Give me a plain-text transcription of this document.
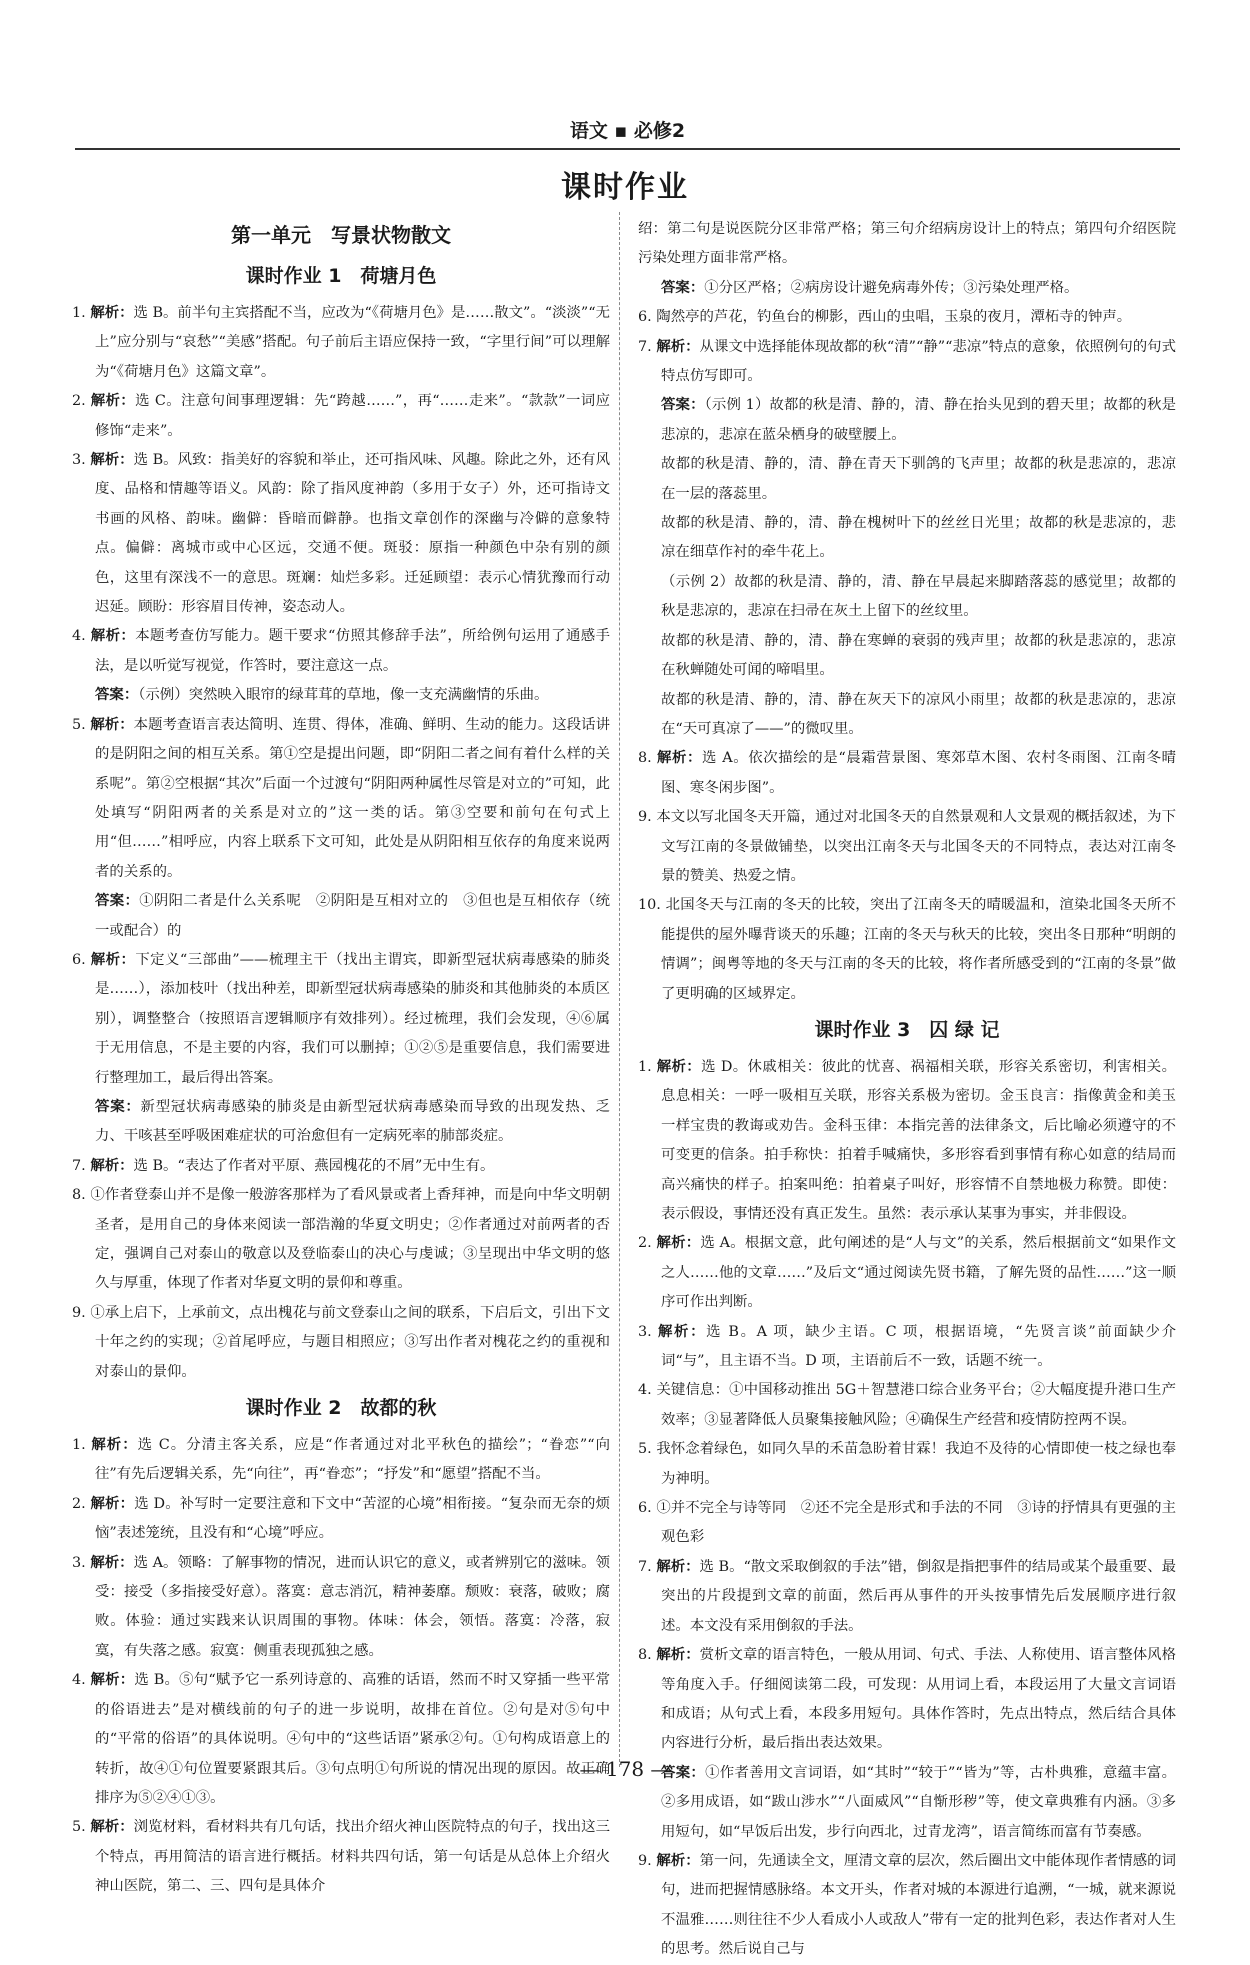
语文 ▪ 必修2
课时作业

第一单元　写景状物散文

课时作业 1　荷塘月色

1. 解析：选 B。前半句主宾搭配不当，应改为“《荷塘月色》是……散文”。“淡淡”“无上”应分别与“哀愁”“美感”搭配。句子前后主语应保持一致，“字里行间”可以理解为“《荷塘月色》这篇文章”。

2. 解析：选 C。注意句间事理逻辑：先“跨越……”，再“……走来”。“款款”一词应修饰“走来”。

3. 解析：选 B。风致：指美好的容貌和举止，还可指风味、风趣。除此之外，还有风度、品格和情趣等语义。风韵：除了指风度神韵（多用于女子）外，还可指诗文书画的风格、韵味。幽僻：昏暗而僻静。也指文章创作的深幽与冷僻的意象特点。偏僻：离城市或中心区远，交通不便。斑驳：原指一种颜色中杂有别的颜色，这里有深浅不一的意思。斑斓：灿烂多彩。迁延顾望：表示心情犹豫而行动迟延。顾盼：形容眉目传神，姿态动人。

4. 解析：本题考查仿写能力。题干要求“仿照其修辞手法”，所给例句运用了通感手法，是以听觉写视觉，作答时，要注意这一点。

答案：（示例）突然映入眼帘的绿茸茸的草地，像一支充满幽情的乐曲。

5. 解析：本题考查语言表达简明、连贯、得体，准确、鲜明、生动的能力。这段话讲的是阴阳之间的相互关系。第①空是提出问题，即“阴阳二者之间有着什么样的关系呢”。第②空根据“其次”后面一个过渡句“阴阳两种属性尽管是对立的”可知，此处填写“阴阳两者的关系是对立的”这一类的话。第③空要和前句在句式上用“但……”相呼应，内容上联系下文可知，此处是从阴阳相互依存的角度来说两者的关系的。

答案：①阴阳二者是什么关系呢　②阴阳是互相对立的　③但也是互相依存（统一或配合）的

6. 解析：下定义“三部曲”——梳理主干（找出主谓宾，即新型冠状病毒感染的肺炎是……），添加枝叶（找出种差，即新型冠状病毒感染的肺炎和其他肺炎的本质区别），调整整合（按照语言逻辑顺序有效排列）。经过梳理，我们会发现，④⑥属于无用信息，不是主要的内容，我们可以删掉；①②⑤是重要信息，我们需要进行整理加工，最后得出答案。

答案：新型冠状病毒感染的肺炎是由新型冠状病毒感染而导致的出现发热、乏力、干咳甚至呼吸困难症状的可治愈但有一定病死率的肺部炎症。

7. 解析：选 B。“表达了作者对平原、燕园槐花的不屑”无中生有。

8. ①作者登泰山并不是像一般游客那样为了看风景或者上香拜神，而是向中华文明朝圣者，是用自己的身体来阅读一部浩瀚的华夏文明史；②作者通过对前两者的否定，强调自己对泰山的敬意以及登临泰山的决心与虔诚；③呈现出中华文明的悠久与厚重，体现了作者对华夏文明的景仰和尊重。

9. ①承上启下，上承前文，点出槐花与前文登泰山之间的联系，下启后文，引出下文十年之约的实现；②首尾呼应，与题目相照应；③写出作者对槐花之约的重视和对泰山的景仰。

课时作业 2　故都的秋

1. 解析：选 C。分清主客关系，应是“作者通过对北平秋色的描绘”；“眷恋”“向往”有先后逻辑关系，先“向往”，再“眷恋”；“抒发”和“愿望”搭配不当。

2. 解析：选 D。补写时一定要注意和下文中“苦涩的心境”相衔接。“复杂而无奈的烦恼”表述笼统，且没有和“心境”呼应。

3. 解析：选 A。领略：了解事物的情况，进而认识它的意义，或者辨别它的滋味。领受：接受（多指接受好意）。落寞：意志消沉，精神萎靡。颓败：衰落，破败；腐败。体验：通过实践来认识周围的事物。体味：体会，领悟。落寞：冷落，寂寞，有失落之感。寂寞：侧重表现孤独之感。

4. 解析：选 B。⑤句“赋予它一系列诗意的、高雅的话语，然而不时又穿插一些平常的俗语进去”是对横线前的句子的进一步说明，故排在首位。②句是对⑤句中的“平常的俗语”的具体说明。④句中的“这些话语”紧承②句。①句构成语意上的转折，故④①句位置要紧跟其后。③句点明①句所说的情况出现的原因。故正确排序为⑤②④①③。

5. 解析：浏览材料，看材料共有几句话，找出介绍火神山医院特点的句子，找出这三个特点，再用简洁的语言进行概括。材料共四句话，第一句话是从总体上介绍火神山医院，第二、三、四句是具体介

绍：第二句是说医院分区非常严格；第三句介绍病房设计上的特点；第四句介绍医院污染处理方面非常严格。

答案：①分区严格；②病房设计避免病毒外传；③污染处理严格。

6. 陶然亭的芦花，钓鱼台的柳影，西山的虫唱，玉泉的夜月，潭柘寺的钟声。

7. 解析：从课文中选择能体现故都的秋“清”“静”“悲凉”特点的意象，依照例句的句式特点仿写即可。

答案：（示例 1）故都的秋是清、静的，清、静在抬头见到的碧天里；故都的秋是悲凉的，悲凉在蓝朵栖身的破壁腰上。

故都的秋是清、静的，清、静在青天下驯鸽的飞声里；故都的秋是悲凉的，悲凉在一层的落蕊里。

故都的秋是清、静的，清、静在槐树叶下的丝丝日光里；故都的秋是悲凉的，悲凉在细草作衬的牵牛花上。

（示例 2）故都的秋是清、静的，清、静在早晨起来脚踏落蕊的感觉里；故都的秋是悲凉的，悲凉在扫帚在灰土上留下的丝纹里。

故都的秋是清、静的，清、静在寒蝉的衰弱的残声里；故都的秋是悲凉的，悲凉在秋蝉随处可闻的啼唱里。

故都的秋是清、静的，清、静在灰天下的凉风小雨里；故都的秋是悲凉的，悲凉在“天可真凉了——”的微叹里。

8. 解析：选 A。依次描绘的是“晨霜营景图、寒郊草木图、农村冬雨图、江南冬晴图、寒冬闲步图”。

9. 本文以写北国冬天开篇，通过对北国冬天的自然景观和人文景观的概括叙述，为下文写江南的冬景做铺垫，以突出江南冬天与北国冬天的不同特点，表达对江南冬景的赞美、热爱之情。

10. 北国冬天与江南的冬天的比较，突出了江南冬天的晴暖温和，渲染北国冬天所不能提供的屋外曝背谈天的乐趣；江南的冬天与秋天的比较，突出冬日那种“明朗的情调”；闽粤等地的冬天与江南的冬天的比较，将作者所感受到的“江南的冬景”做了更明确的区域界定。

课时作业 3　囚 绿 记

1. 解析：选 D。休戚相关：彼此的忧喜、祸福相关联，形容关系密切，利害相关。息息相关：一呼一吸相互关联，形容关系极为密切。金玉良言：指像黄金和美玉一样宝贵的教诲或劝告。金科玉律：本指完善的法律条文，后比喻必须遵守的不可变更的信条。拍手称快：拍着手喊痛快，多形容看到事情有称心如意的结局而高兴痛快的样子。拍案叫绝：拍着桌子叫好，形容情不自禁地极力称赞。即使：表示假设，事情还没有真正发生。虽然：表示承认某事为事实，并非假设。

2. 解析：选 A。根据文意，此句阐述的是“人与文”的关系，然后根据前文“如果作文之人……他的文章……”及后文“通过阅读先贤书籍，了解先贤的品性……”这一顺序可作出判断。

3. 解析：选 B。A 项，缺少主语。C 项，根据语境，“先贤言谈”前面缺少介词“与”，且主语不当。D 项，主语前后不一致，话题不统一。

4. 关键信息：①中国移动推出 5G＋智慧港口综合业务平台；②大幅度提升港口生产效率；③显著降低人员聚集接触风险；④确保生产经营和疫情防控两不误。

5. 我怀念着绿色，如同久旱的禾苗急盼着甘霖！我迫不及待的心情即使一枝之绿也奉为神明。

6. ①并不完全与诗等同　②还不完全是形式和手法的不同　③诗的抒情具有更强的主观色彩

7. 解析：选 B。“散文采取倒叙的手法”错，倒叙是指把事件的结局或某个最重要、最突出的片段提到文章的前面，然后再从事件的开头按事情先后发展顺序进行叙述。本文没有采用倒叙的手法。

8. 解析：赏析文章的语言特色，一般从用词、句式、手法、人称使用、语言整体风格等角度入手。仔细阅读第二段，可发现：从用词上看，本段运用了大量文言词语和成语；从句式上看，本段多用短句。具体作答时，先点出特点，然后结合具体内容进行分析，最后指出表达效果。

答案：①作者善用文言词语，如“其时”“较于”“皆为”等，古朴典雅，意蕴丰富。②多用成语，如“跋山涉水”“八面威风”“自惭形秽”等，使文章典雅有内涵。③多用短句，如“早饭后出发，步行向西北，过青龙湾”，语言简练而富有节奏感。

9. 解析：第一问，先通读全文，厘清文章的层次，然后圈出文中能体现作者情感的词句，进而把握情感脉络。本文开头，作者对城的本源进行追溯，“一城，就来源说不温雅……则往往不少人看成小人或敌人”带有一定的批判色彩，表达作者对人生的思考。然后说自己与

— 178 —
